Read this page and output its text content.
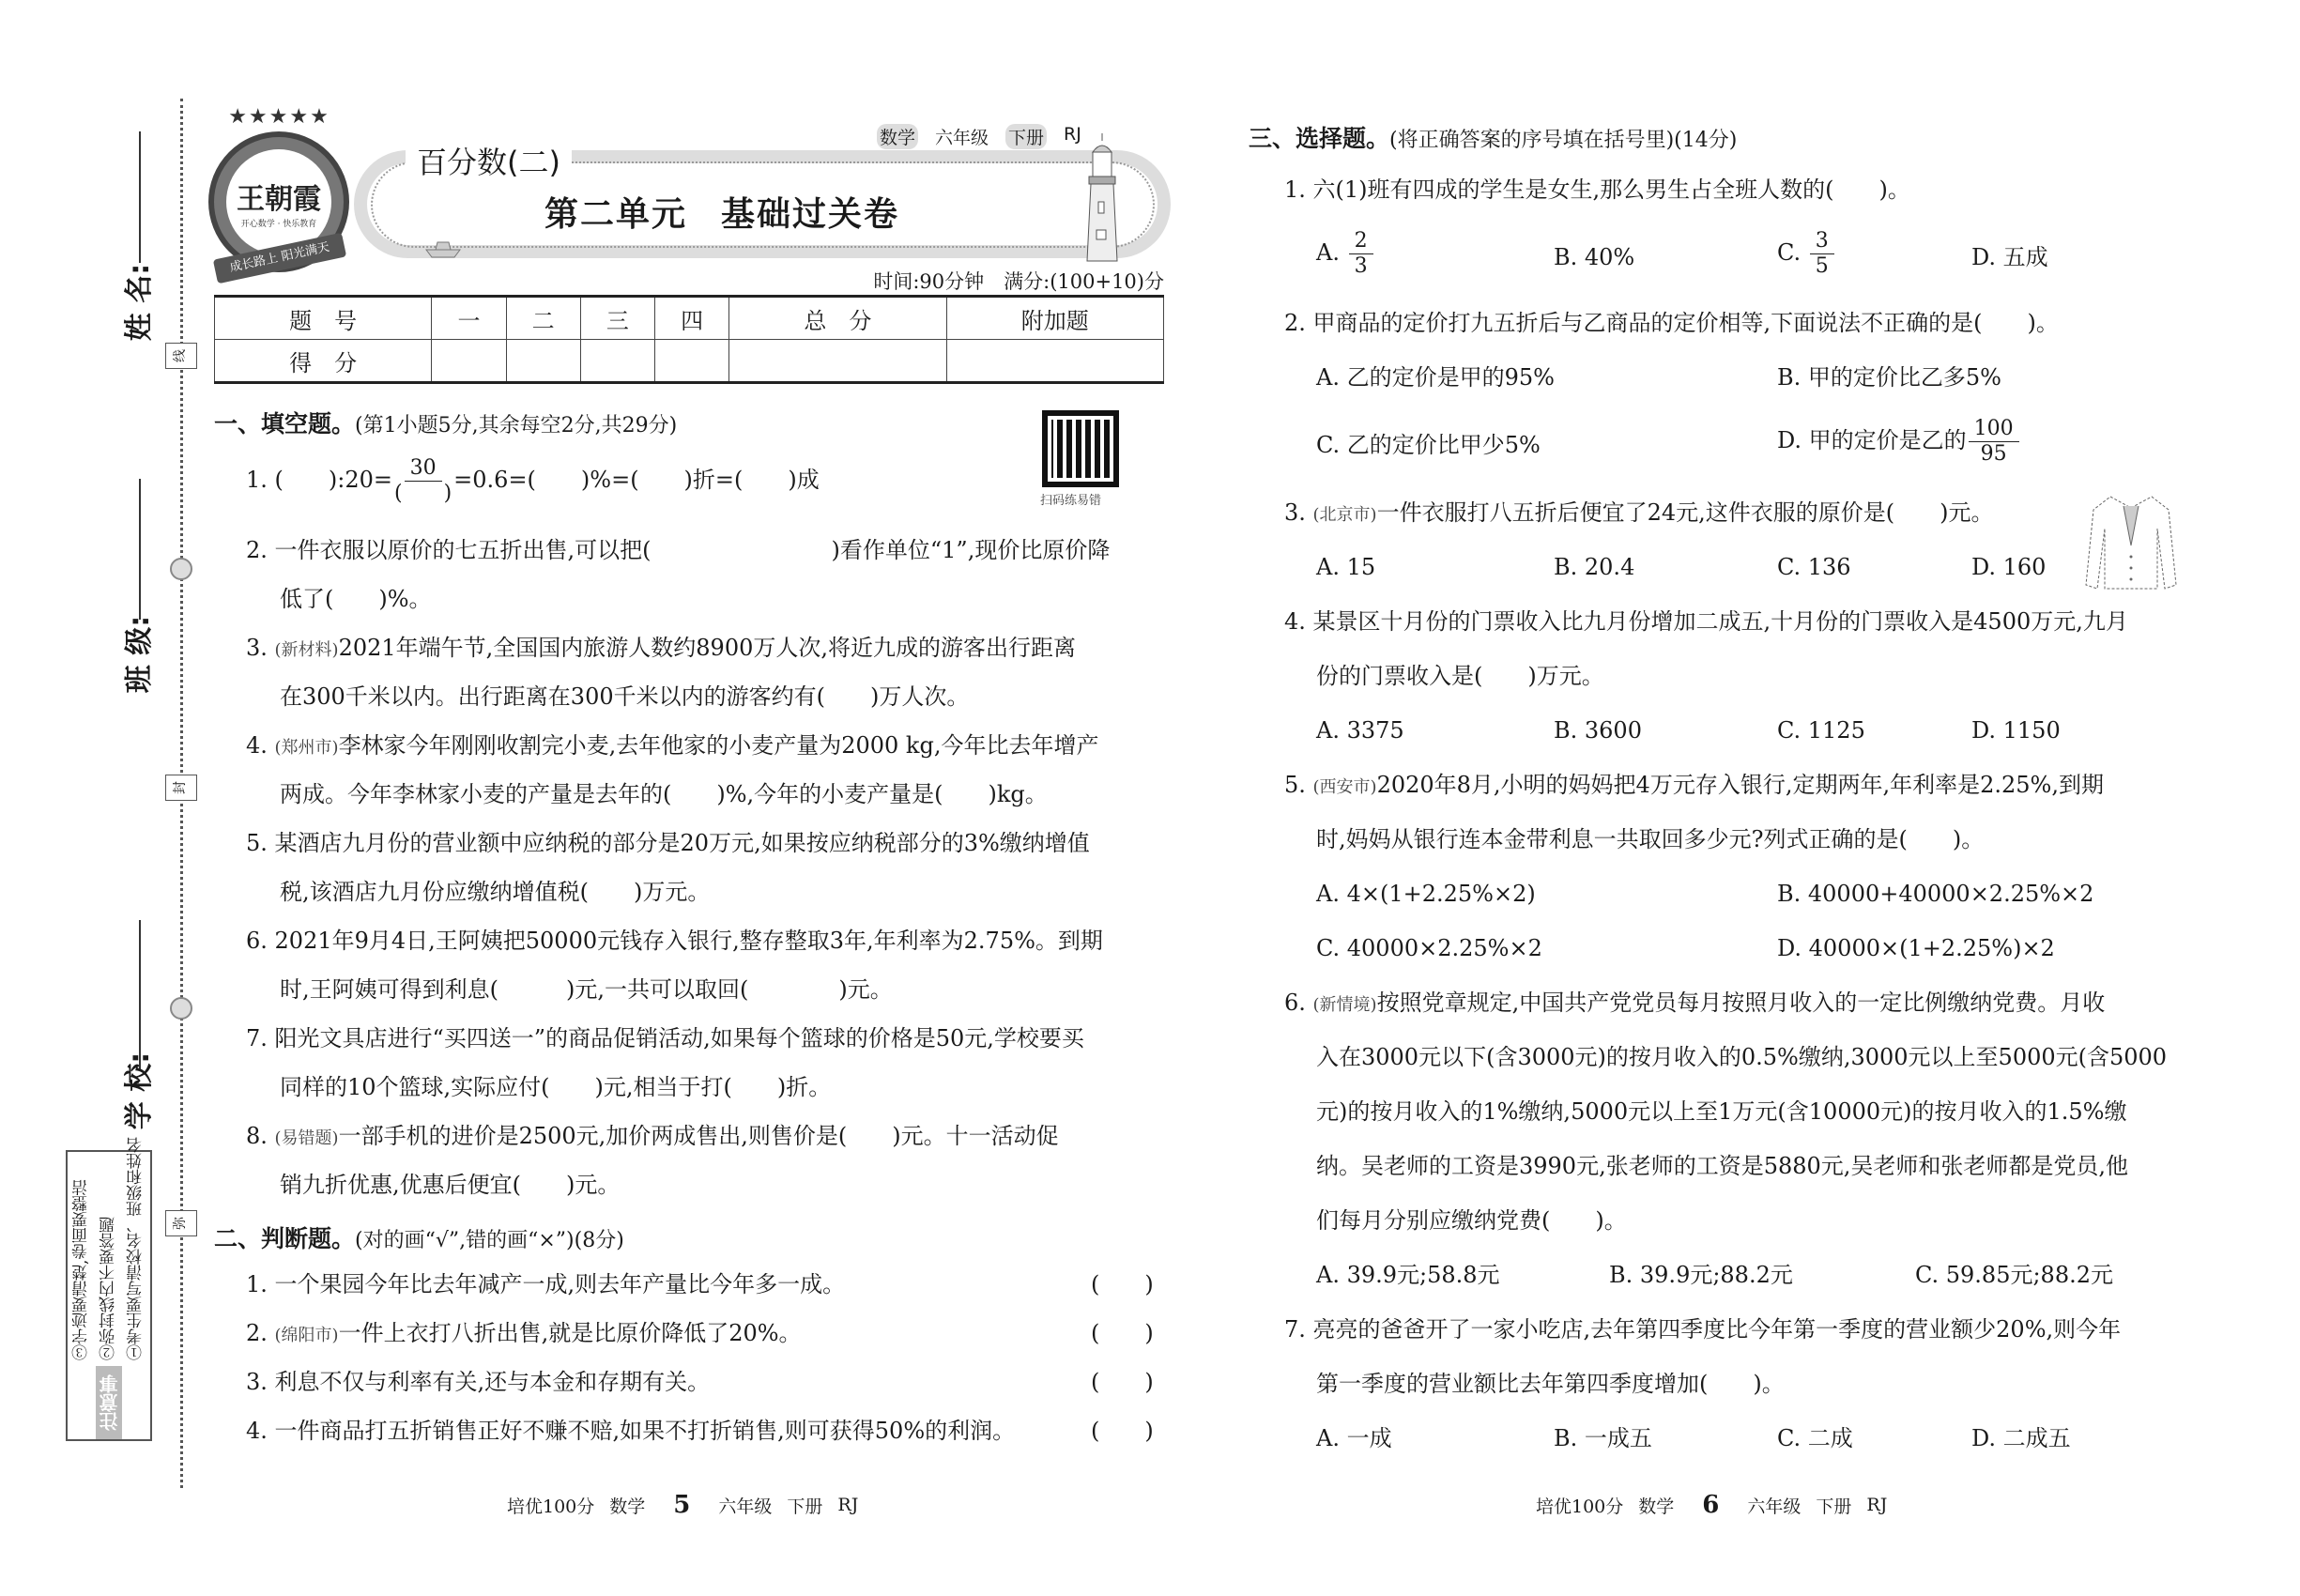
姓 名:
班 级:
学 校:
线
封
弥
注意事项
③字迹要清楚,卷面要整洁 ②弥封线内不要答题 ①考生要写清校名、班级和姓名
王朝霞
开心数学 · 快乐教育
★★★★★
成长路上 阳光满天
百分数(二)
第二单元 基础过关卷
数学 六年级 下册 RJ
时间:90分钟　满分:(100+10)分
题　号	一	二	三	四	总　分	附加题
得　分						
一、填空题。(第1小题5分,其余每空2分,共29分)
扫码练易错
1. (　　):20= $\frac{30}{( )} =0.6=$(　　)%=(　　)折=(　　)成
2. 一件衣服以原价的七五折出售,可以把(　　　　　　　　)看作单位“1”,现价比原价降
低了(　　)%。
3. (新材料)2021年端午节,全国国内旅游人数约8900万人次,将近九成的游客出行距离
在300千米以内。出行距离在300千米以内的游客约有(　　)万人次。
4. (郑州市)李林家今年刚刚收割完小麦,去年他家的小麦产量为2000 kg,今年比去年增产
两成。今年李林家小麦的产量是去年的(　　)%,今年的小麦产量是(　　)kg。
5. 某酒店九月份的营业额中应纳税的部分是20万元,如果按应纳税部分的3%缴纳增值
税,该酒店九月份应缴纳增值税(　　)万元。
6. 2021年9月4日,王阿姨把50000元钱存入银行,整存整取3年,年利率为2.75%。到期
时,王阿姨可得到利息(　　　)元,一共可以取回(　　　　)元。
7. 阳光文具店进行“买四送一”的商品促销活动,如果每个篮球的价格是50元,学校要买
同样的10个篮球,实际应付(　　)元,相当于打(　　)折。
8. (易错题)一部手机的进价是2500元,加价两成售出,则售价是(　　)元。十一活动促
销九折优惠,优惠后便宜(　　)元。
二、判断题。(对的画“√”,错的画“×”)(8分)
1. 一个果园今年比去年减产一成,则去年产量比今年多一成。
2. (绵阳市)一件上衣打八折出售,就是比原价降低了20%。
3. 利息不仅与利率有关,还与本金和存期有关。
4. 一件商品打五折销售正好不赚不赔,如果不打折销售,则可获得50%的利润。
(　　)
(　　)
(　　)
(　　)
培优100分 数学 5 六年级 下册 RJ
三、选择题。(将正确答案的序号填在括号里)(14分)
1. 六(1)班有四成的学生是女生,那么男生占全班人数的(　　)。
A. $\frac{2}{3}$	B. 40%	C. $\frac{3}{5}$	D. 五成
2. 甲商品的定价打九五折后与乙商品的定价相等,下面说法不正确的是(　　)。
A. 乙的定价是甲的95%	B. 甲的定价比乙多5%
C. 乙的定价比甲少5%	D. 甲的定价是乙的 $\frac{100}{95}$
3. (北京市)一件衣服打八五折后便宜了24元,这件衣服的原价是(　　)元。
A. 15	B. 20.4	C. 136	D. 160
4. 某景区十月份的门票收入比九月份增加二成五,十月份的门票收入是4500万元,九月
份的门票收入是(　　)万元。
A. 3375	B. 3600	C. 1125	D. 1150
5. (西安市)2020年8月,小明的妈妈把4万元存入银行,定期两年,年利率是2.25%,到期
时,妈妈从银行连本金带利息一共取回多少元?列式正确的是(　　)。
A. 4×(1+2.25%×2)	B. 40000+40000×2.25%×2
C. 40000×2.25%×2	D. 40000×(1+2.25%)×2
6. (新情境)按照党章规定,中国共产党党员每月按照月收入的一定比例缴纳党费。月收
入在3000元以下(含3000元)的按月收入的0.5%缴纳,3000元以上至5000元(含5000
元)的按月收入的1%缴纳,5000元以上至1万元(含10000元)的按月收入的1.5%缴
纳。吴老师的工资是3990元,张老师的工资是5880元,吴老师和张老师都是党员,他
们每月分别应缴纳党费(　　)。
A. 39.9元;58.8元	B. 39.9元;88.2元	C. 59.85元;88.2元
7. 亮亮的爸爸开了一家小吃店,去年第四季度比今年第一季度的营业额少20%,则今年
第一季度的营业额比去年第四季度增加(　　)。
A. 一成	B. 一成五	C. 二成	D. 二成五
培优100分 数学 6 六年级 下册 RJ
